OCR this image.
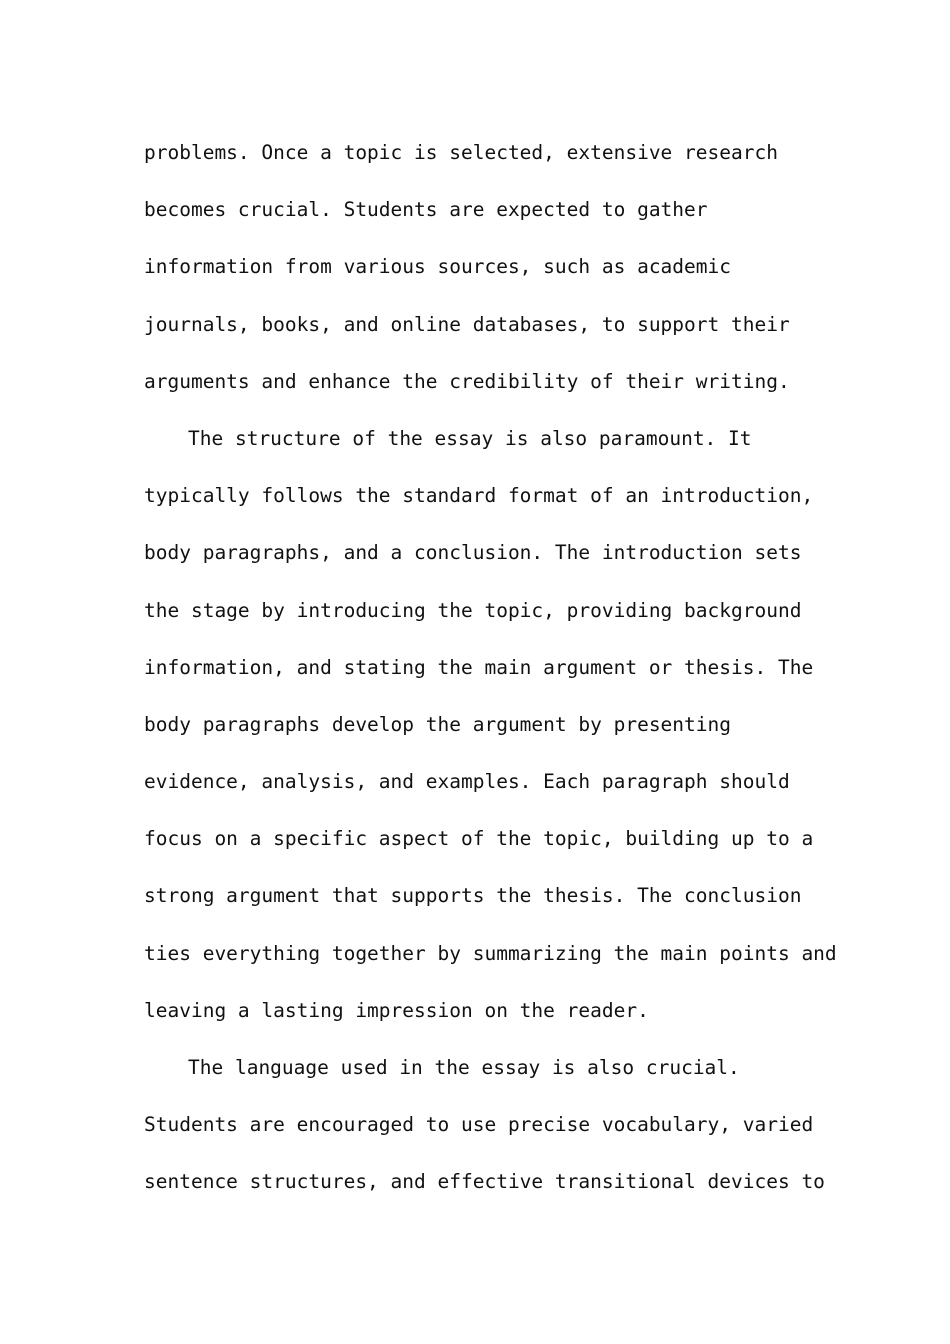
problems. Once a topic is selected, extensive research
becomes crucial. Students are expected to gather
information from various sources, such as academic
journals, books, and online databases, to support their
arguments and enhance the credibility of their writing.
The structure of the essay is also paramount. It
typically follows the standard format of an introduction,
body paragraphs, and a conclusion. The introduction sets
the stage by introducing the topic, providing background
information, and stating the main argument or thesis. The
body paragraphs develop the argument by presenting
evidence, analysis, and examples. Each paragraph should
focus on a specific aspect of the topic, building up to a
strong argument that supports the thesis. The conclusion
ties everything together by summarizing the main points and
leaving a lasting impression on the reader.
The language used in the essay is also crucial.
Students are encouraged to use precise vocabulary, varied
sentence structures, and effective transitional devices to
